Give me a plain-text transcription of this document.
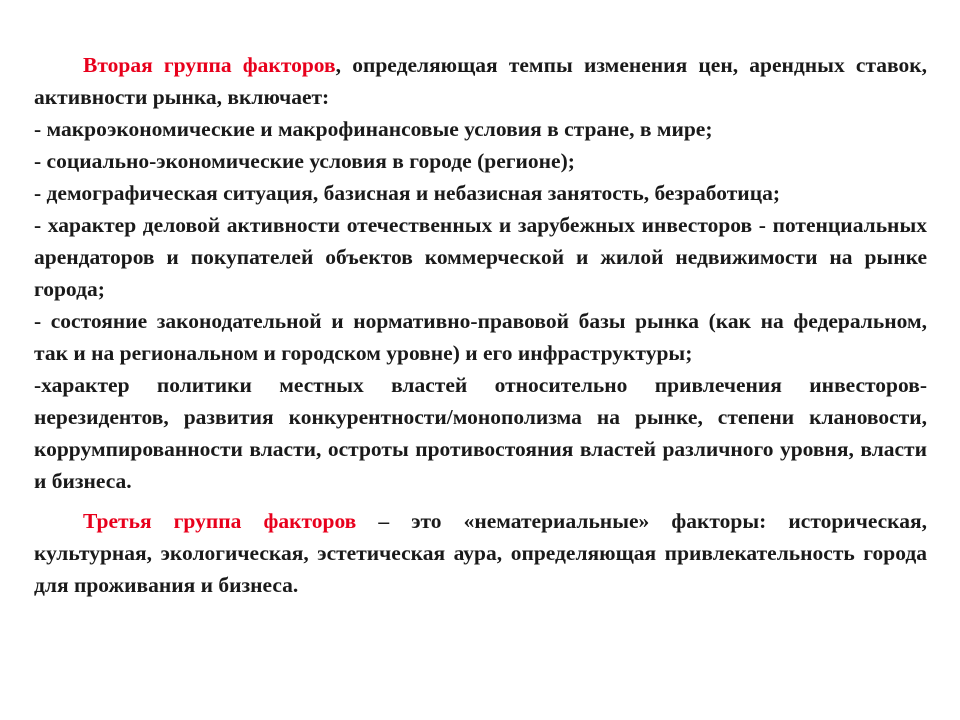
Вторая группа факторов, определяющая темпы изменения цен, арендных ставок, активности рынка, включает:

- макроэкономические и макрофинансовые условия в стране, в мире;

- социально-экономические условия в городе (регионе);

- демографическая ситуация, базисная и небазисная занятость, безработица;

- характер деловой активности отечественных и зарубежных инвесторов - потенциальных арендаторов и покупателей объектов коммерческой и жилой недвижимости на рынке города;

- состояние законодательной и нормативно-правовой базы рынка (как на федеральном, так и на региональном и городском уровне) и его инфраструктуры;

-характер политики местных властей относительно привлечения инвесторов-нерезидентов, развития конкурентности/монополизма на рынке, степени клановости, коррумпированности власти, остроты противостояния властей различного уровня, власти и бизнеса.

Третья группа факторов – это «нематериальные» факторы: историческая, культурная, экологическая, эстетическая аура, определяющая привлекательность города для проживания и бизнеса.
